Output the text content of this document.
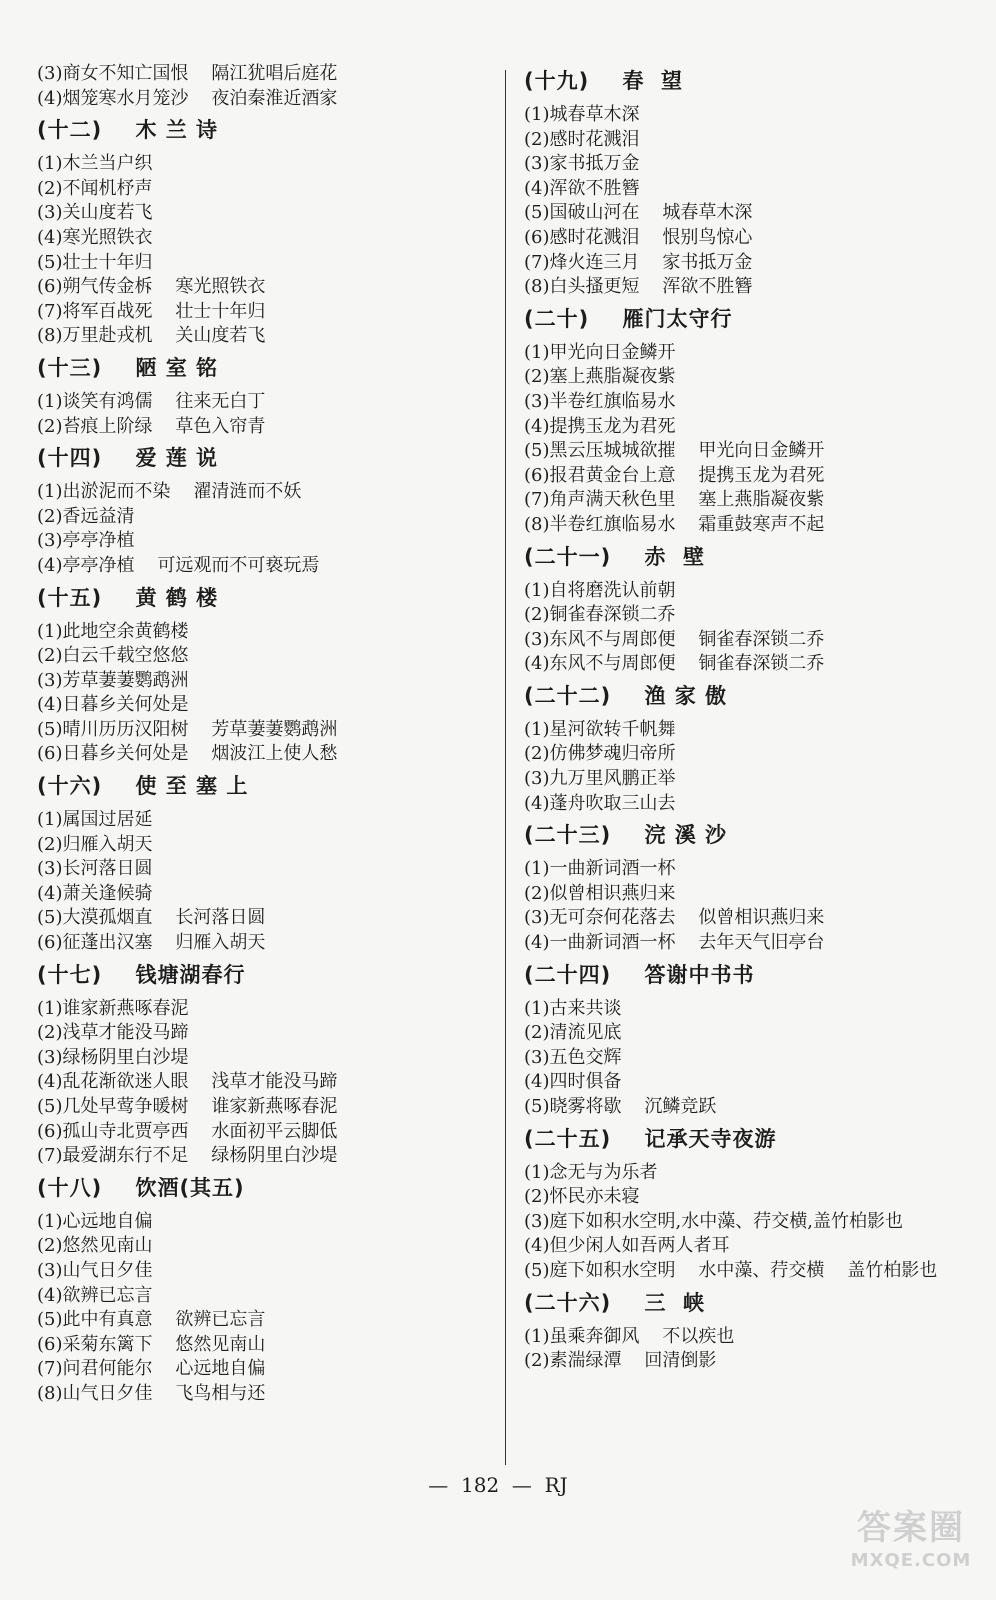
(3)商女不知亡国恨    隔江犹唱后庭花
(4)烟笼寒水月笼沙    夜泊秦淮近酒家
(十二)    木 兰 诗
(1)木兰当户织
(2)不闻机杼声
(3)关山度若飞
(4)寒光照铁衣
(5)壮士十年归
(6)朔气传金柝    寒光照铁衣
(7)将军百战死    壮士十年归
(8)万里赴戎机    关山度若飞
(十三)    陋 室 铭
(1)谈笑有鸿儒    往来无白丁
(2)苔痕上阶绿    草色入帘青
(十四)    爱 莲 说
(1)出淤泥而不染    濯清涟而不妖
(2)香远益清
(3)亭亭净植
(4)亭亭净植    可远观而不可亵玩焉
(十五)    黄 鹤 楼
(1)此地空余黄鹤楼
(2)白云千载空悠悠
(3)芳草萋萋鹦鹉洲
(4)日暮乡关何处是
(5)晴川历历汉阳树    芳草萋萋鹦鹉洲
(6)日暮乡关何处是    烟波江上使人愁
(十六)    使 至 塞 上
(1)属国过居延
(2)归雁入胡天
(3)长河落日圆
(4)萧关逢候骑
(5)大漠孤烟直    长河落日圆
(6)征蓬出汉塞    归雁入胡天
(十七)    钱塘湖春行
(1)谁家新燕啄春泥
(2)浅草才能没马蹄
(3)绿杨阴里白沙堤
(4)乱花渐欲迷人眼    浅草才能没马蹄
(5)几处早莺争暖树    谁家新燕啄春泥
(6)孤山寺北贾亭西    水面初平云脚低
(7)最爱湖东行不足    绿杨阴里白沙堤
(十八)    饮酒(其五)
(1)心远地自偏
(2)悠然见南山
(3)山气日夕佳
(4)欲辨已忘言
(5)此中有真意    欲辨已忘言
(6)采菊东篱下    悠然见南山
(7)问君何能尔    心远地自偏
(8)山气日夕佳    飞鸟相与还
(十九)    春  望
(1)城春草木深
(2)感时花溅泪
(3)家书抵万金
(4)浑欲不胜簪
(5)国破山河在    城春草木深
(6)感时花溅泪    恨别鸟惊心
(7)烽火连三月    家书抵万金
(8)白头搔更短    浑欲不胜簪
(二十)    雁门太守行
(1)甲光向日金鳞开
(2)塞上燕脂凝夜紫
(3)半卷红旗临易水
(4)提携玉龙为君死
(5)黑云压城城欲摧    甲光向日金鳞开
(6)报君黄金台上意    提携玉龙为君死
(7)角声满天秋色里    塞上燕脂凝夜紫
(8)半卷红旗临易水    霜重鼓寒声不起
(二十一)    赤  壁
(1)自将磨洗认前朝
(2)铜雀春深锁二乔
(3)东风不与周郎便    铜雀春深锁二乔
(4)东风不与周郎便    铜雀春深锁二乔
(二十二)    渔 家 傲
(1)星河欲转千帆舞
(2)仿佛梦魂归帝所
(3)九万里风鹏正举
(4)蓬舟吹取三山去
(二十三)    浣 溪 沙
(1)一曲新词酒一杯
(2)似曾相识燕归来
(3)无可奈何花落去    似曾相识燕归来
(4)一曲新词酒一杯    去年天气旧亭台
(二十四)    答谢中书书
(1)古来共谈
(2)清流见底
(3)五色交辉
(4)四时俱备
(5)晓雾将歇    沉鳞竞跃
(二十五)    记承天寺夜游
(1)念无与为乐者
(2)怀民亦未寝
(3)庭下如积水空明,水中藻、荇交横,盖竹柏影也
(4)但少闲人如吾两人者耳
(5)庭下如积水空明    水中藻、荇交横    盖竹柏影也
(二十六)    三  峡
(1)虽乘奔御风    不以疾也
(2)素湍绿潭    回清倒影
—  182  —  RJ
答案圈
MXQE.COM
